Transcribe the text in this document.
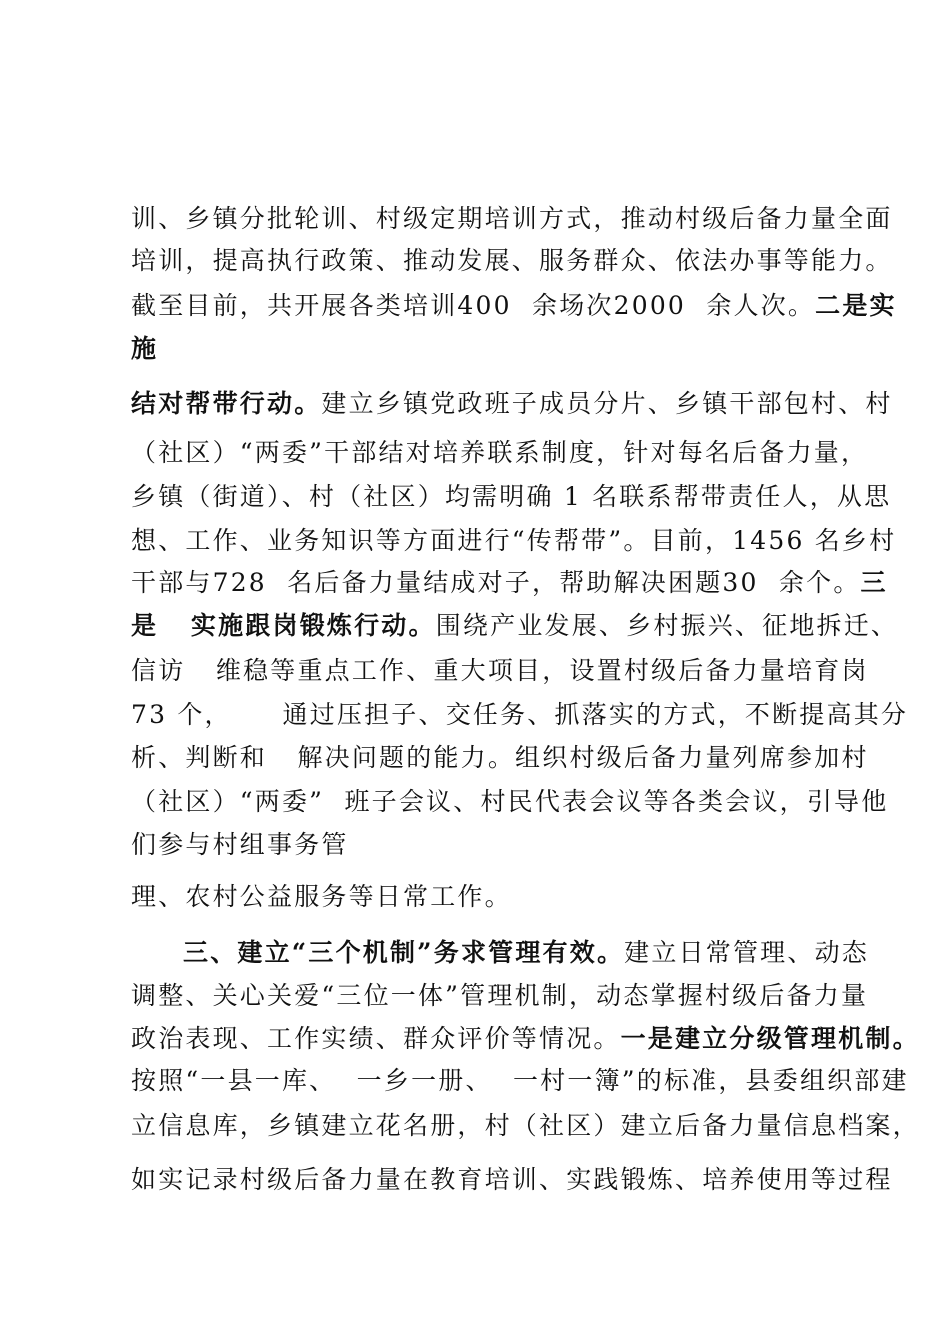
训、乡镇分批轮训、村级定期培训方式，推动村级后备力量全面
培训，提高执行政策、推动发展、服务群众、依法办事等能力。
截至目前，共开展各类培训400  余场次2000  余人次。二是实
施
结对帮带行动。建立乡镇党政班子成员分片、乡镇干部包村、村
（社区）“两委”干部结对培养联系制度，针对每名后备力量，
乡镇（街道）、村（社区）均需明确 1 名联系帮带责任人，从思
想、工作、业务知识等方面进行“传帮带”。目前，1456 名乡村
干部与728  名后备力量结成对子，帮助解决困题30  余个。三
是   实施跟岗锻炼行动。围绕产业发展、乡村振兴、征地拆迁、
信访   维稳等重点工作、重大项目，设置村级后备力量培育岗
73 个，     通过压担子、交任务、抓落实的方式，不断提高其分
析、判断和   解决问题的能力。组织村级后备力量列席参加村
（社区）“两委”  班子会议、村民代表会议等各类会议，引导他
们参与村组事务管
理、农村公益服务等日常工作。
三、建立“三个机制”务求管理有效。建立日常管理、动态
调整、关心关爱“三位一体”管理机制，动态掌握村级后备力量
政治表现、工作实绩、群众评价等情况。一是建立分级管理机制。
按照“一县一库、  一乡一册、  一村一簿”的标准，县委组织部建
立信息库，乡镇建立花名册，村（社区）建立后备力量信息档案，
如实记录村级后备力量在教育培训、实践锻炼、培养使用等过程
